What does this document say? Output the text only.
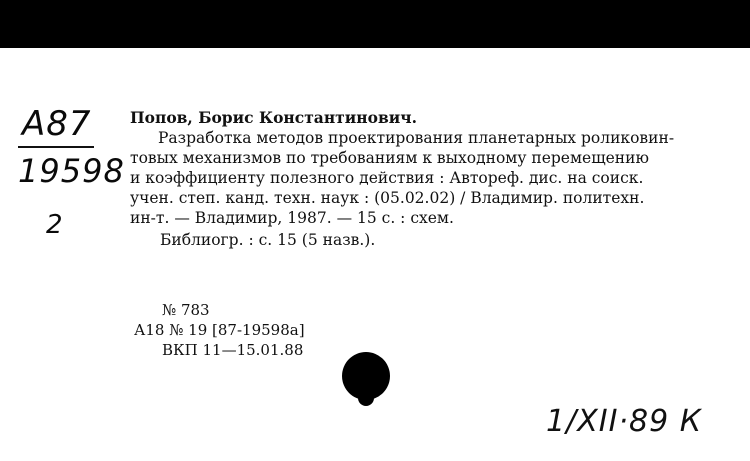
A87
19598
2
Попов, Борис Константинович.
Разработка методов проектирования планетарных роликовин-
товых механизмов по требованиям к выходному перемещению
и коэффициенту полезного действия : Автореф. дис. на соиск.
учен. степ. канд. техн. наук : (05.02.02) / Владимир. политехн.
ин-т. — Владимир, 1987. — 15 с. : схем.
Библиогр. : с. 15 (5 назв.).
№ 783
А18 № 19 [87-19598а]
ВКП 11—15.01.88
1/XII·89 К
